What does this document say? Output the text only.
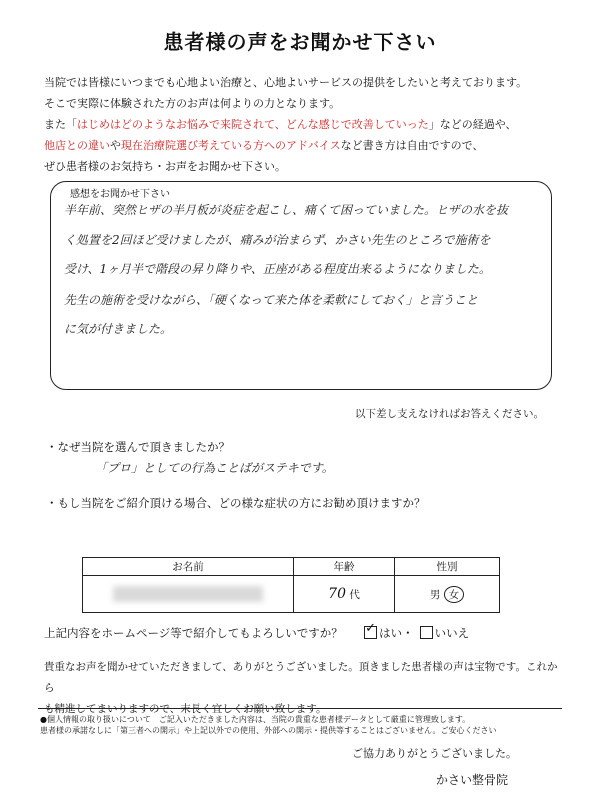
患者様の声をお聞かせ下さい
当院では皆様にいつまでも心地よい治療と、心地よいサービスの提供をしたいと考えております。
そこで実際に体験された方のお声は何よりの力となります。
また「はじめはどのようなお悩みで来院されて、どんな感じで改善していった」などの経過や、
他店との違いや現在治療院選び考えている方へのアドバイスなど書き方は自由ですので、
ぜひ患者様のお気持ち・お声をお聞かせ下さい。
感想をお聞かせ下さい
半年前、突然ヒザの半月板が炎症を起こし、痛くて困っていました。ヒザの水を抜
く処置を2回ほど受けましたが、痛みが治まらず、かさい先生のところで施術を
受け、1ヶ月半で階段の昇り降りや、正座がある程度出来るようになりました。
先生の施術を受けながら、「硬くなって来た体を柔軟にしておく」と言うこと
に気が付きました。
以下差し支えなければお答えください。
・なぜ当院を選んで頂きましたか？
「プロ」としての行為ことばがステキです。
・もし当院をご紹介頂ける場合、どの様な症状の方にお勧め頂けますか？
お名前	年齢	性別
	70 代	男 女
上記内容をホームページ等で紹介してもよろしいですか？ ✓	はい・ いいえ
貴重なお声を聞かせていただきまして、ありがとうございました。頂きました患者様の声は宝物です。これから
も精進してまいりますので、末長く宜しくお願い致します。
●個人情報の取り扱いについて　ご記入いただきました内容は、当院の貴重な患者様データとして厳重に管理致します。
患者様の承諾なしに「第三者への開示」や上記以外での使用、外部への開示・提供等することはございません。ご安心ください
ご協力ありがとうございました。
かさい整骨院
